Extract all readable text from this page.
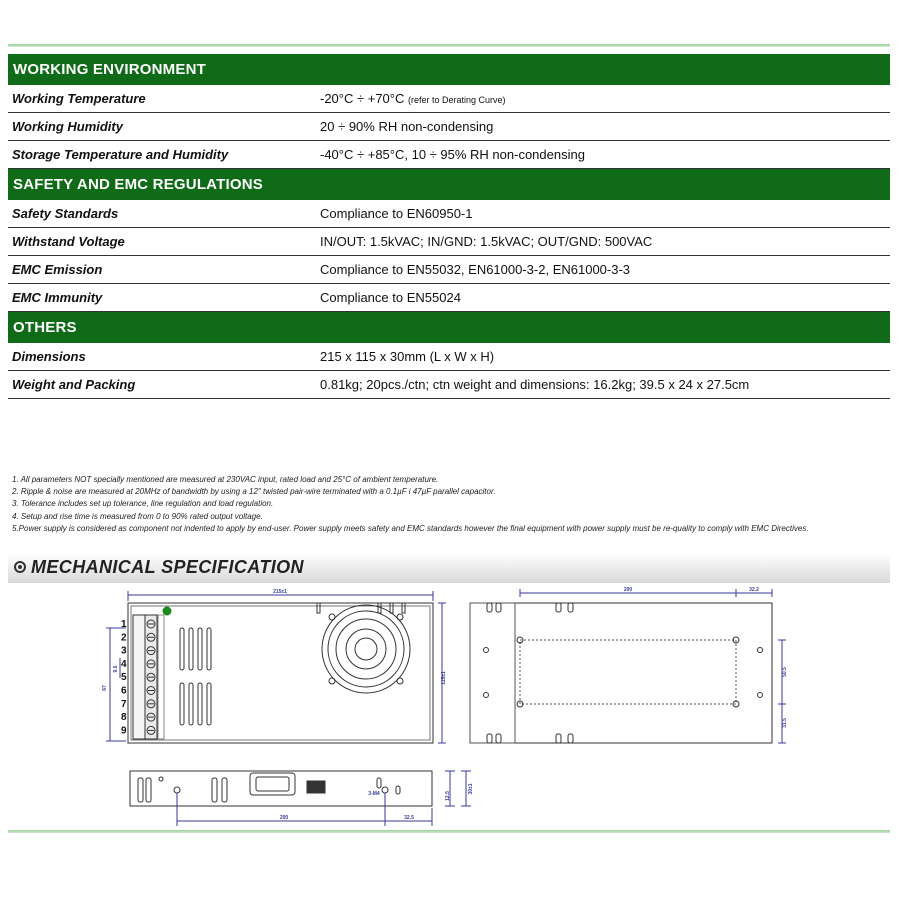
WORKING ENVIRONMENT
Working Temperature	-20°C ÷ +70°C (refer to Derating Curve)
Working Humidity	20 ÷ 90% RH non-condensing
Storage Temperature and Humidity	-40°C ÷ +85°C, 10 ÷ 95% RH non-condensing
SAFETY AND EMC REGULATIONS
Safety Standards	Compliance to EN60950-1
Withstand Voltage	IN/OUT: 1.5kVAC; IN/GND: 1.5kVAC; OUT/GND: 500VAC
EMC Emission	Compliance to EN55032, EN61000-3-2, EN61000-3-3
EMC Immunity	Compliance to EN55024
OTHERS
Dimensions	215 x 115 x 30mm (L x W x H)
Weight and Packing	0.81kg; 20pcs./ctn; ctn weight and dimensions: 16.2kg; 39.5 x 24 x 27.5cm
1. All parameters NOT specially mentioned are measured at 230VAC input, rated load and 25°C of ambient temperature.
2. Ripple & noise are measured at 20MHz of bandwidth by using a 12" twisted pair-wire terminated with a 0.1µF i 47µF parallel capacitor.
3. Tolerance includes set up tolerance, line regulation and load regulation.
4. Setup and rise time is measured from 0 to 90% rated output voltage.
5.Power supply is considered as component not indented to apply by end-user. Power supply meets safety and EMC standards however the final equipment with power supply must be re-quality to comply with EMC Directives.
MECHANICAL SPECIFICATION
1
2
3
4
5
6
7
8
9
215±1
115±1
67
9.5
200	32.2
50.5
31.5
200	32.5
30±1
12.5
3-M4
